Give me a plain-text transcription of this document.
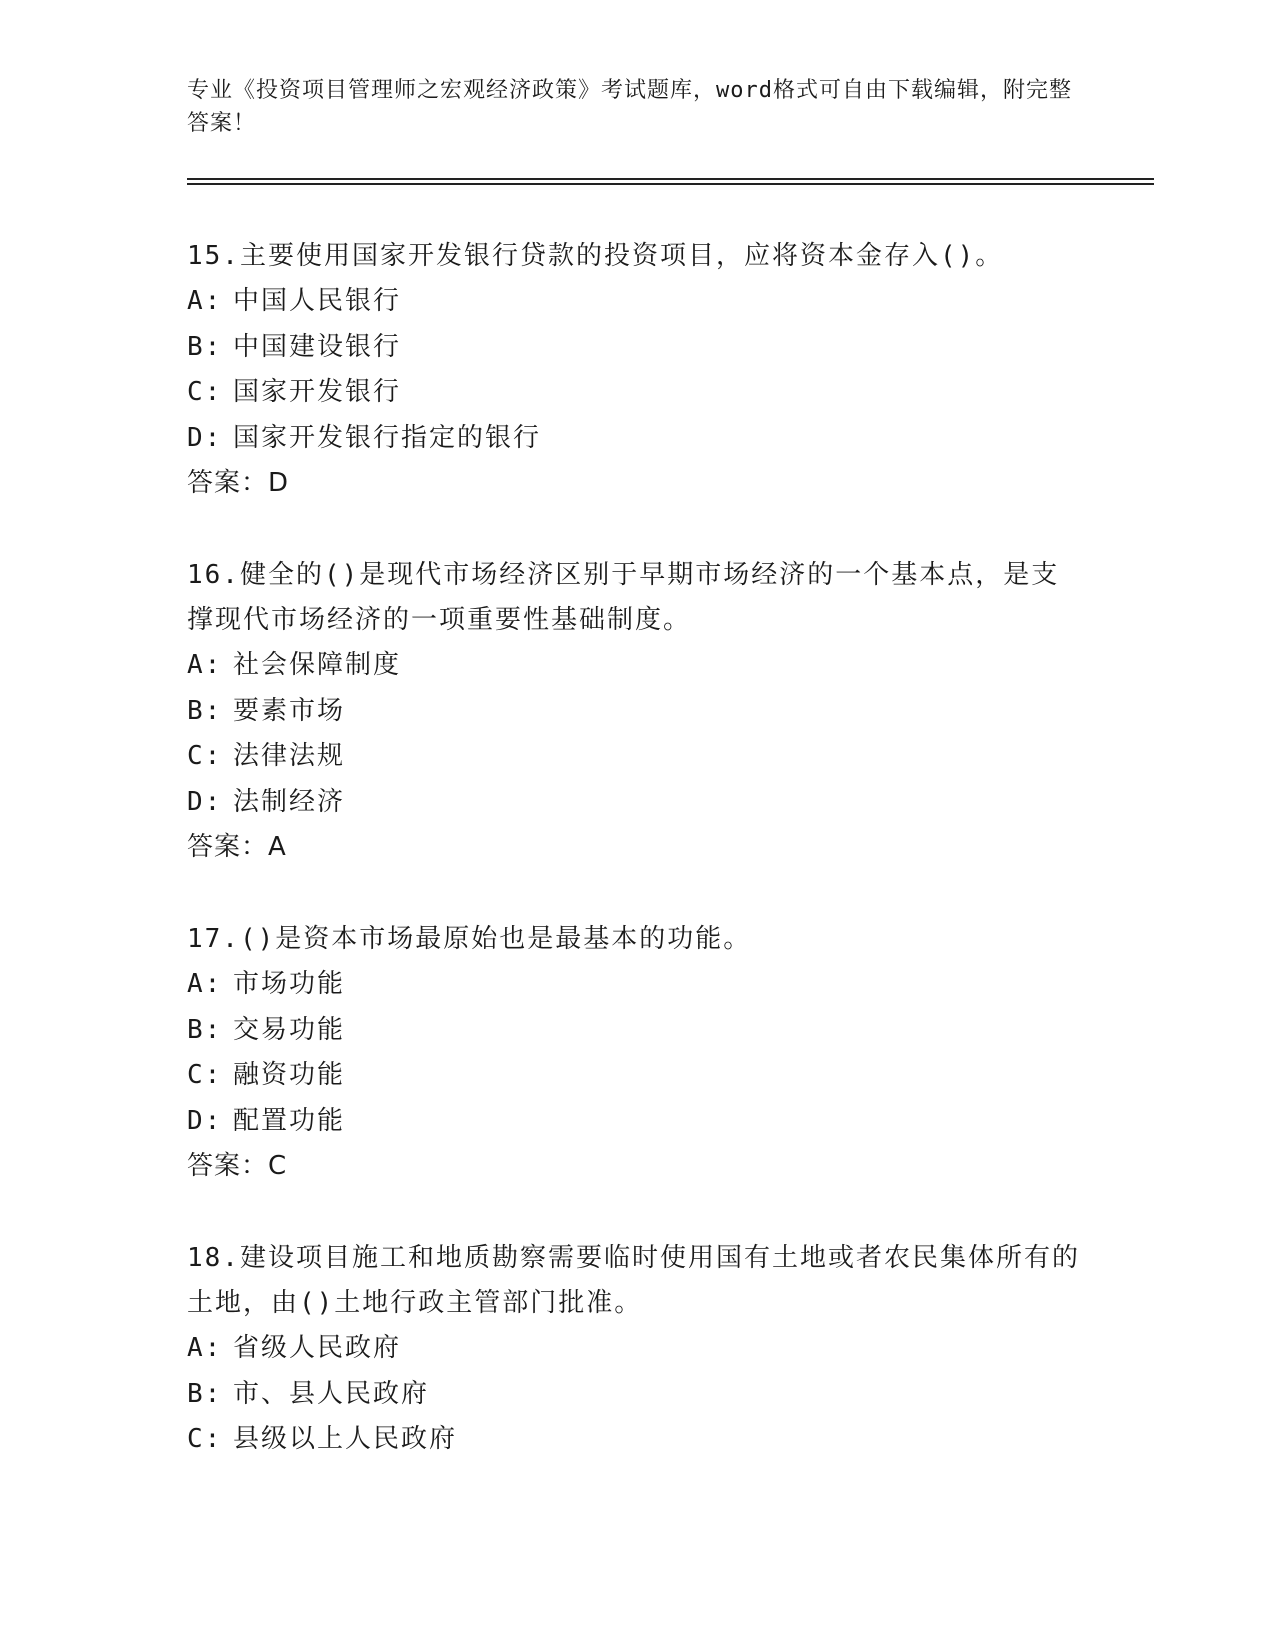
专业《投资项目管理师之宏观经济政策》考试题库，word格式可自由下载编辑，附完整答案！

15.主要使用国家开发银行贷款的投资项目，应将资本金存入()。

A: 中国人民银行

B: 中国建设银行

C: 国家开发银行

D: 国家开发银行指定的银行

答案：D

16.健全的()是现代市场经济区别于早期市场经济的一个基本点，是支撑现代市场经济的一项重要性基础制度。

A: 社会保障制度

B: 要素市场

C: 法律法规

D: 法制经济

答案：A

17.()是资本市场最原始也是最基本的功能。

A: 市场功能

B: 交易功能

C: 融资功能

D: 配置功能

答案：C

18.建设项目施工和地质勘察需要临时使用国有土地或者农民集体所有的土地，由()土地行政主管部门批准。

A: 省级人民政府

B: 市、县人民政府

C: 县级以上人民政府
